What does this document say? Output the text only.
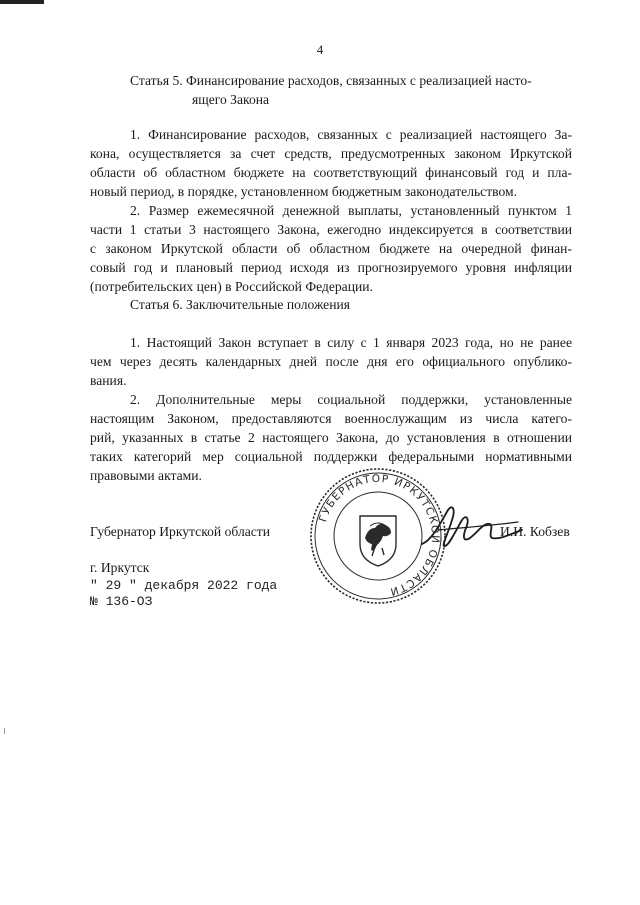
4
Статья 5. Финансирование расходов, связанных с реализацией насто-
ящего Закона
1. Финансирование расходов, связанных с реализацией настоящего За-
кона, осуществляется за счет средств, предусмотренных законом Иркутской
области об областном бюджете на соответствующий финансовый год и пла-
новый период, в порядке, установленном бюджетным законодательством.
2. Размер ежемесячной денежной выплаты, установленный пунктом 1
части 1 статьи 3 настоящего Закона, ежегодно индексируется в соответствии
с законом Иркутской области об областном бюджете на очередной финан-
совый год и плановый период исходя из прогнозируемого уровня инфляции
(потребительских цен) в Российской Федерации.
Статья 6. Заключительные положения
1. Настоящий Закон вступает в силу с 1 января 2023 года, но не ранее
чем через десять календарных дней после дня его официального опублико-
вания.
2. Дополнительные меры социальной поддержки, установленные
настоящим Законом, предоставляются военнослужащим из числа катего-
рий, указанных в статье 2 настоящего Закона, до установления в отношении
таких категорий мер социальной поддержки федеральными нормативными
правовыми актами.
ГУБЕРНАТОР ИРКУТСКОЙ ОБЛАСТИ
Губернатор Иркутской области	И.И. Кобзев
г. Иркутск
" 29 " декабря 2022 года
№ 136-ОЗ
